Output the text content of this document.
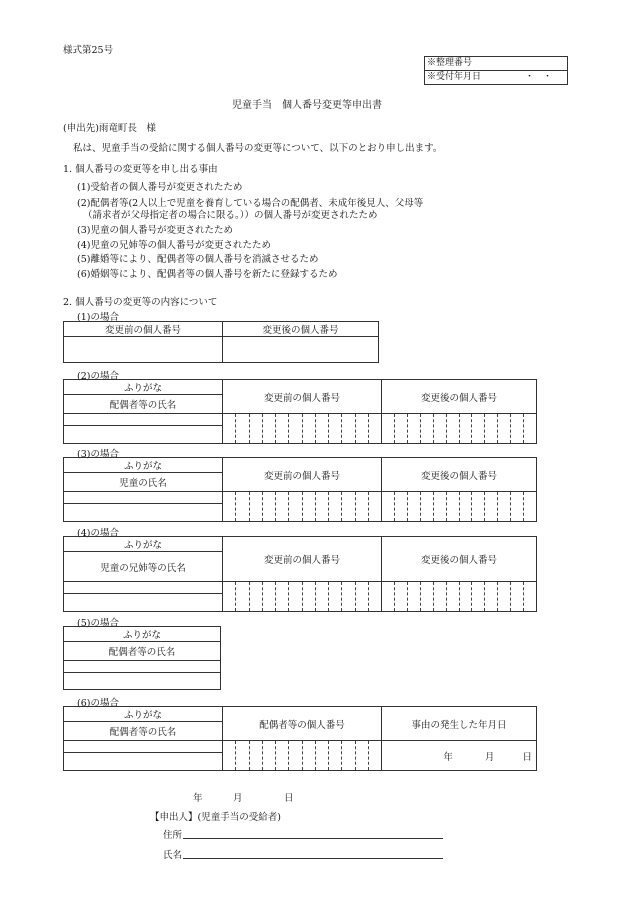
様式第25号
※整理番号
※受付年月日	・　・
児童手当　個人番号変更等申出書
(申出先)雨竜町長　様
私は、児童手当の受給に関する個人番号の変更等について、以下のとおり申し出ます。
1. 個人番号の変更等を申し出る事由
(1)受給者の個人番号が変更されたため
(2)配偶者等(2人以上で児童を養育している場合の配偶者、未成年後見人、父母等
（請求者が父母指定者の場合に限る。））の個人番号が変更されたため
(3)児童の個人番号が変更されたため
(4)児童の兄姉等の個人番号が変更されたため
(5)離婚等により、配偶者等の個人番号を消滅させるため
(6)婚姻等により、配偶者等の個人番号を新たに登録するため
2. 個人番号の変更等の内容について
(1)の場合
変更前の個人番号	変更後の個人番号

(2)の場合
ふりがな	変更前の個人番号	変更後の個人番号
配偶者等の氏名		

(3)の場合
ふりがな	変更前の個人番号	変更後の個人番号
児童の氏名		

(4)の場合
ふりがな	変更前の個人番号	変更後の個人番号
児童の兄姉等の氏名		

(5)の場合
ふりがな
配偶者等の氏名

(6)の場合
ふりがな	配偶者等の個人番号	事由の発生した年月日
配偶者等の氏名		

	年 月 日

年	月	日
【申出人】(児童手当の受給者)
住所
氏名
